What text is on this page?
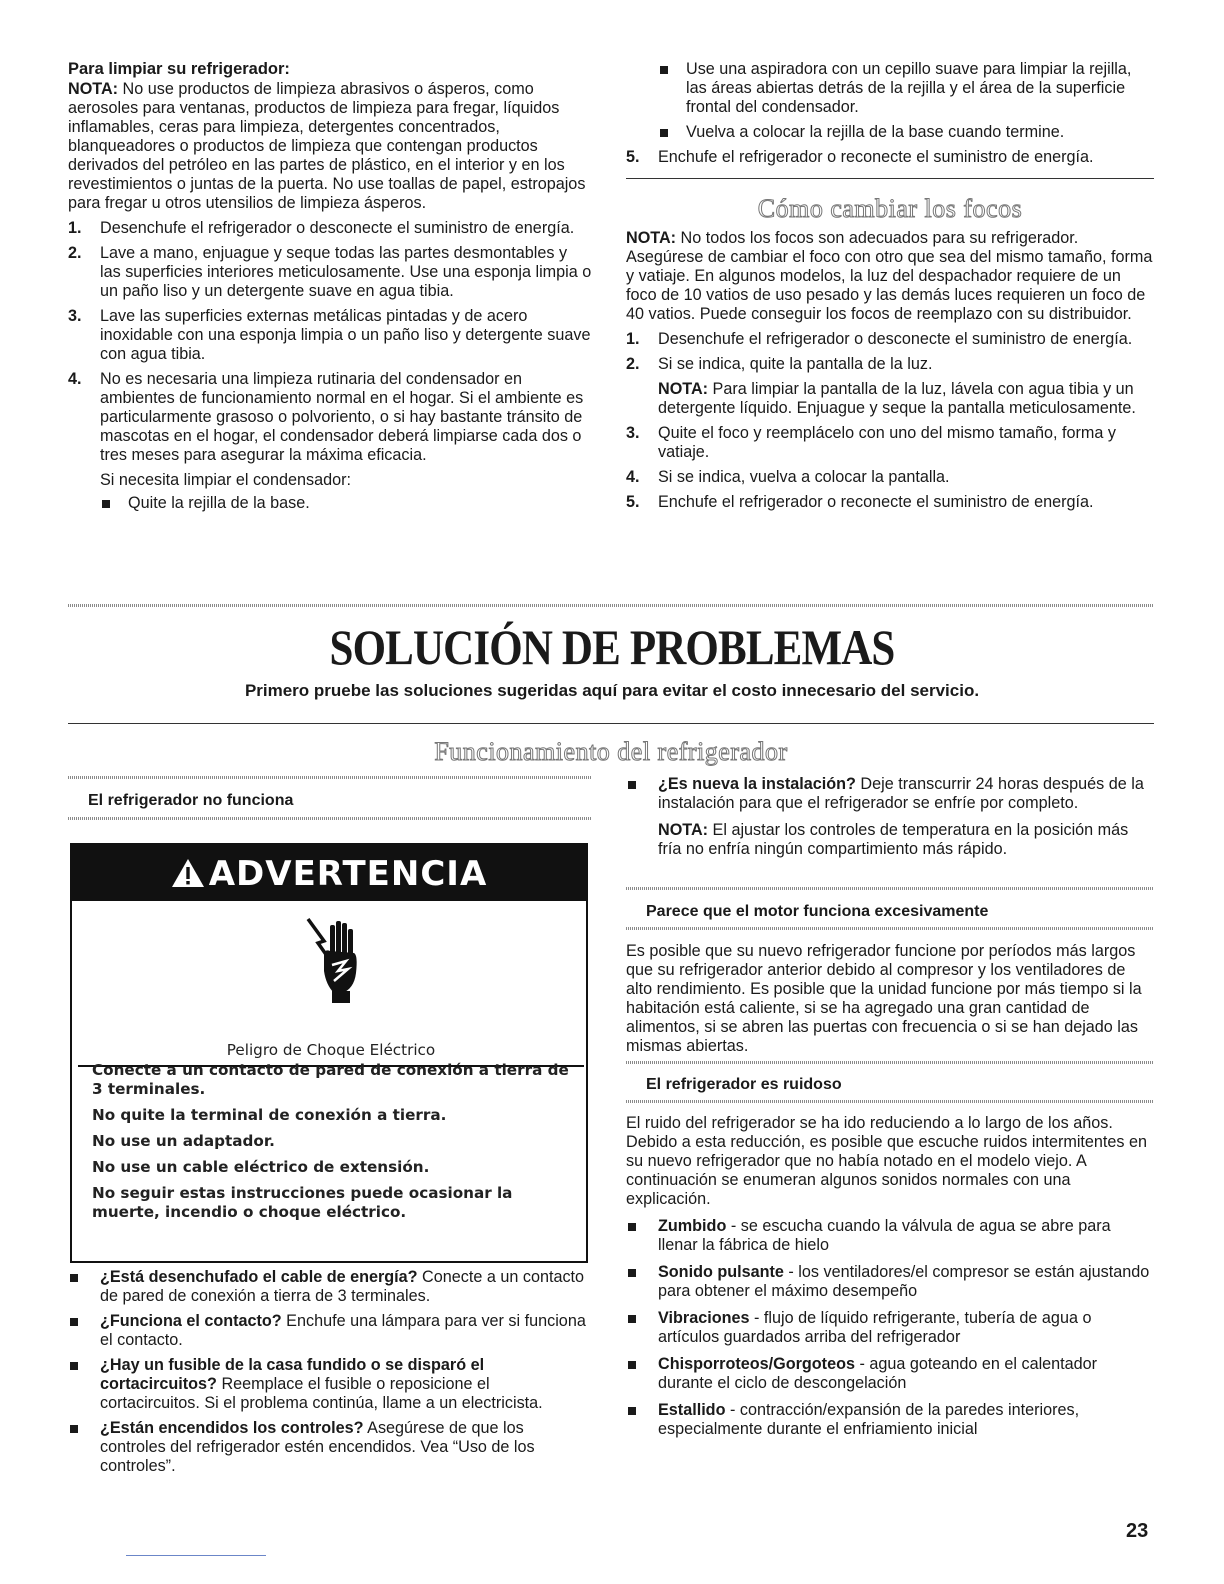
Para limpiar su refrigerador:

NOTA: No use productos de limpieza abrasivos o ásperos, como aerosoles para ventanas, productos de limpieza para fregar, líquidos inflamables, ceras para limpieza, detergentes concentrados, blanqueadores o productos de limpieza que contengan productos derivados del petróleo en las partes de plástico, en el interior y en los revestimientos o juntas de la puerta. No use toallas de papel, estropajos para fregar u otros utensilios de limpieza ásperos.

1. Desenchufe el refrigerador o desconecte el suministro de energía.
2. Lave a mano, enjuague y seque todas las partes desmontables y las superficies interiores meticulosamente. Use una esponja limpia o un paño liso y un detergente suave en agua tibia.
3. Lave las superficies externas metálicas pintadas y de acero inoxidable con una esponja limpia o un paño liso y detergente suave con agua tibia.
4. No es necesaria una limpieza rutinaria del condensador en ambientes de funcionamiento normal en el hogar. Si el ambiente es particularmente grasoso o polvoriento, o si hay bastante tránsito de mascotas en el hogar, el condensador deberá limpiarse cada dos o tres meses para asegurar la máxima eficacia.

Si necesita limpiar el condensador:

Quite la rejilla de la base.
Use una aspiradora con un cepillo suave para limpiar la rejilla, las áreas abiertas detrás de la rejilla y el área de la superficie frontal del condensador.
Vuelva a colocar la rejilla de la base cuando termine.
5. Enchufe el refrigerador o reconecte el suministro de energía.
Cómo cambiar los focos

NOTA: No todos los focos son adecuados para su refrigerador. Asegúrese de cambiar el foco con otro que sea del mismo tamaño, forma y vatiaje. En algunos modelos, la luz del despachador requiere de un foco de 10 vatios de uso pesado y las demás luces requieren un foco de 40 vatios. Puede conseguir los focos de reemplazo con su distribuidor.

1. Desenchufe el refrigerador o desconecte el suministro de energía.
2. Si se indica, quite la pantalla de la luz.

NOTA: Para limpiar la pantalla de la luz, lávela con agua tibia y un detergente líquido. Enjuague y seque la pantalla meticulosamente.

3. Quite el foco y reemplácelo con uno del mismo tamaño, forma y vatiaje.
4. Si se indica, vuelva a colocar la pantalla.
5. Enchufe el refrigerador o reconecte el suministro de energía.
SOLUCIÓN DE PROBLEMAS
Primero pruebe las soluciones sugeridas aquí para evitar el costo innecesario del servicio.
Funcionamiento del refrigerador
El refrigerador no funciona
ADVERTENCIA
Peligro de Choque Eléctrico

Conecte a un contacto de pared de conexión a tierra de 3 terminales.

No quite la terminal de conexión a tierra.

No use un adaptador.

No use un cable eléctrico de extensión.

No seguir estas instrucciones puede ocasionar la muerte, incendio o choque eléctrico.

¿Está desenchufado el cable de energía? Conecte a un contacto de pared de conexión a tierra de 3 terminales.
¿Funciona el contacto? Enchufe una lámpara para ver si funciona el contacto.
¿Hay un fusible de la casa fundido o se disparó el cortacircuitos? Reemplace el fusible o reposicione el cortacircuitos. Si el problema continúa, llame a un electricista.
¿Están encendidos los controles? Asegúrese de que los controles del refrigerador estén encendidos. Vea “Uso de los controles”.
¿Es nueva la instalación? Deje transcurrir 24 horas después de la instalación para que el refrigerador se enfríe por completo.

NOTA: El ajustar los controles de temperatura en la posición más fría no enfría ningún compartimiento más rápido.

Parece que el motor funciona excesivamente

Es posible que su nuevo refrigerador funcione por períodos más largos que su refrigerador anterior debido al compresor y los ventiladores de alto rendimiento. Es posible que la unidad funcione por más tiempo si la habitación está caliente, si se ha agregado una gran cantidad de alimentos, si se abren las puertas con frecuencia o si se han dejado las mismas abiertas.

El refrigerador es ruidoso

El ruido del refrigerador se ha ido reduciendo a lo largo de los años. Debido a esta reducción, es posible que escuche ruidos intermitentes en su nuevo refrigerador que no había notado en el modelo viejo. A continuación se enumeran algunos sonidos normales con una explicación.

Zumbido - se escucha cuando la válvula de agua se abre para llenar la fábrica de hielo
Sonido pulsante - los ventiladores/el compresor se están ajustando para obtener el máximo desempeño
Vibraciones - flujo de líquido refrigerante, tubería de agua o artículos guardados arriba del refrigerador
Chisporroteos/Gorgoteos - agua goteando en el calentador durante el ciclo de descongelación
Estallido - contracción/expansión de la paredes interiores, especialmente durante el enfriamiento inicial
23
